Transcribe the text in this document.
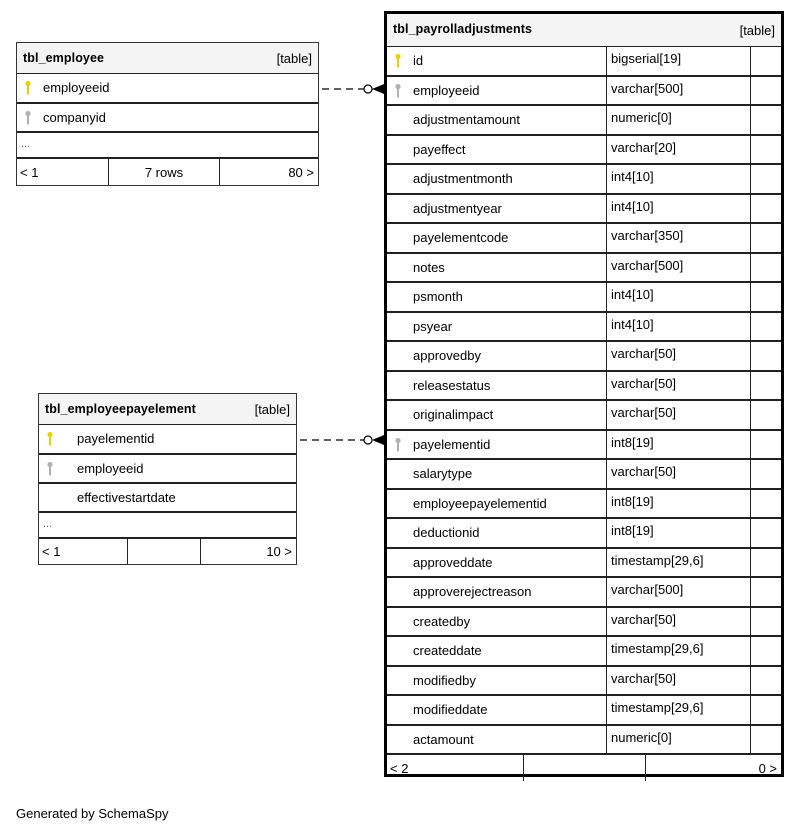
tbl_employee	[table]
employeeid
companyid
...
< 1	7 rows	80 >
tbl_employeepayelement	[table]
payelementid
employeeid
effectivestartdate
...
< 1	10 >
tbl_payrolladjustments	[table]
id	bigserial[19]
employeeid	varchar[500]
adjustmentamount	numeric[0]
payeffect	varchar[20]
adjustmentmonth	int4[10]
adjustmentyear	int4[10]
payelementcode	varchar[350]
notes	varchar[500]
psmonth	int4[10]
psyear	int4[10]
approvedby	varchar[50]
releasestatus	varchar[50]
originalimpact	varchar[50]
payelementid	int8[19]
salarytype	varchar[50]
employeepayelementid	int8[19]
deductionid	int8[19]
approveddate	timestamp[29,6]
approverejectreason	varchar[500]
createdby	varchar[50]
createddate	timestamp[29,6]
modifiedby	varchar[50]
modifieddate	timestamp[29,6]
actamount	numeric[0]
< 2	0 >
Generated by SchemaSpy
